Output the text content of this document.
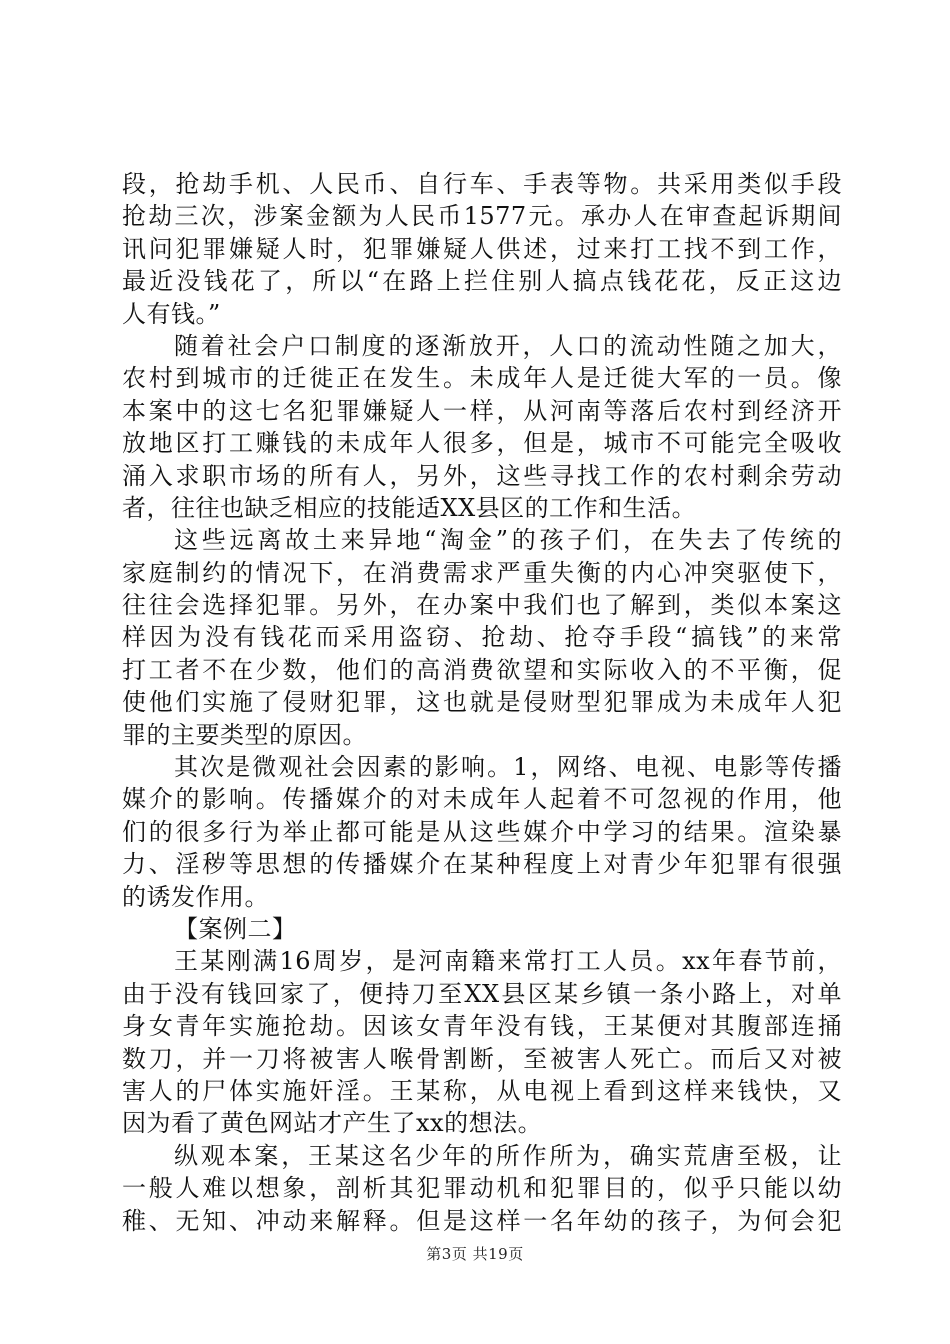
段，抢劫手机、人民币、自行车、手表等物。共采用类似手段
抢劫三次，涉案金额为人民币1577元。承办人在审查起诉期间
讯问犯罪嫌疑人时，犯罪嫌疑人供述，过来打工找不到工作，
最近没钱花了，所以“在路上拦住别人搞点钱花花，反正这边
人有钱。”
随着社会户口制度的逐渐放开，人口的流动性随之加大，
农村到城市的迁徙正在发生。未成年人是迁徙大军的一员。像
本案中的这七名犯罪嫌疑人一样，从河南等落后农村到经济开
放地区打工赚钱的未成年人很多，但是，城市不可能完全吸收
涌入求职市场的所有人，另外，这些寻找工作的农村剩余劳动
者，往往也缺乏相应的技能适XX县区的工作和生活。
这些远离故土来异地“淘金”的孩子们，在失去了传统的
家庭制约的情况下，在消费需求严重失衡的内心冲突驱使下，
往往会选择犯罪。另外，在办案中我们也了解到，类似本案这
样因为没有钱花而采用盗窃、抢劫、抢夺手段“搞钱”的来常
打工者不在少数，他们的高消费欲望和实际收入的不平衡，促
使他们实施了侵财犯罪，这也就是侵财型犯罪成为未成年人犯
罪的主要类型的原因。
其次是微观社会因素的影响。1，网络、电视、电影等传播
媒介的影响。传播媒介的对未成年人起着不可忽视的作用，他
们的很多行为举止都可能是从这些媒介中学习的结果。渲染暴
力、淫秽等思想的传播媒介在某种程度上对青少年犯罪有很强
的诱发作用。
【案例二】
王某刚满16周岁，是河南籍来常打工人员。xx年春节前，
由于没有钱回家了，便持刀至XX县区某乡镇一条小路上，对单
身女青年实施抢劫。因该女青年没有钱，王某便对其腹部连捅
数刀，并一刀将被害人喉骨割断，至被害人死亡。而后又对被
害人的尸体实施奸淫。王某称，从电视上看到这样来钱快，又
因为看了黄色网站才产生了xx的想法。
纵观本案，王某这名少年的所作所为，确实荒唐至极，让
一般人难以想象，剖析其犯罪动机和犯罪目的，似乎只能以幼
稚、无知、冲动来解释。但是这样一名年幼的孩子，为何会犯
第3页 共19页
